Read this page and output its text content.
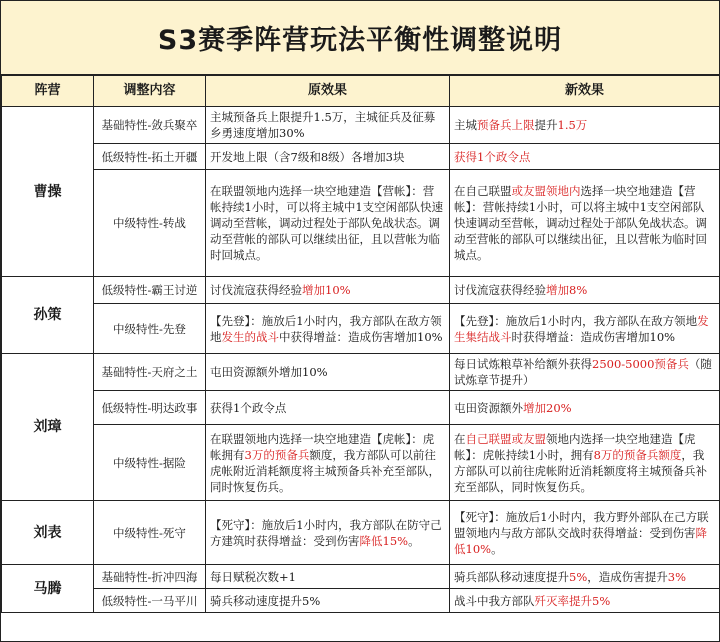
S3赛季阵营玩法平衡性调整说明
阵营	调整内容	原效果	新效果
曹操	基础特性-敛兵聚卒	主城预备兵上限提升1.5万，主城征兵及征募乡勇速度增加30%	主城预备兵上限提升1.5万
	低级特性-拓土开疆	开发地上限（含7级和8级）各增加3块	获得1个政令点
	中级特性-转战	在联盟领地内选择一块空地建造【营帐】：营帐持续1小时，可以将主城中1支空闲部队快速调动至营帐，调动过程处于部队免战状态。调动至营帐的部队可以继续出征，且以营帐为临时回城点。	在自己联盟或友盟领地内选择一块空地建造【营帐】：营帐持续1小时，可以将主城中1支空闲部队快速调动至营帐，调动过程处于部队免战状态。调动至营帐的部队可以继续出征，且以营帐为临时回城点。
孙策	低级特性-霸王讨逆	讨伐流寇获得经验增加10%	讨伐流寇获得经验增加8%
	中级特性-先登	【先登】：施放后1小时内，我方部队在敌方领地发生的战斗中获得增益：造成伤害增加10%	【先登】：施放后1小时内，我方部队在敌方领地发生集结战斗时获得增益：造成伤害增加10%
刘璋	基础特性-天府之土	屯田资源额外增加10%	每日试炼粮草补给额外获得2500-5000预备兵（随试炼章节提升）
	低级特性-明达政事	获得1个政令点	屯田资源额外增加20%
	中级特性-据险	在联盟领地内选择一块空地建造【虎帐】：虎帐拥有3万的预备兵额度，我方部队可以前往虎帐附近消耗额度将主城预备兵补充至部队，同时恢复伤兵。	在自己联盟或友盟领地内选择一块空地建造【虎帐】：虎帐持续1小时，拥有8万的预备兵额度，我方部队可以前往虎帐附近消耗额度将主城预备兵补充至部队，同时恢复伤兵。
刘表	中级特性-死守	【死守】：施放后1小时内，我方部队在防守己方建筑时获得增益：受到伤害降低15%。	【死守】：施放后1小时内，我方野外部队在己方联盟领地内与敌方部队交战时获得增益：受到伤害降低10%。
马腾	基础特性-折冲四海	每日赋税次数+1	骑兵部队移动速度提升5%，造成伤害提升3%
	低级特性-一马平川	骑兵移动速度提升5%	战斗中我方部队歼灭率提升5%
